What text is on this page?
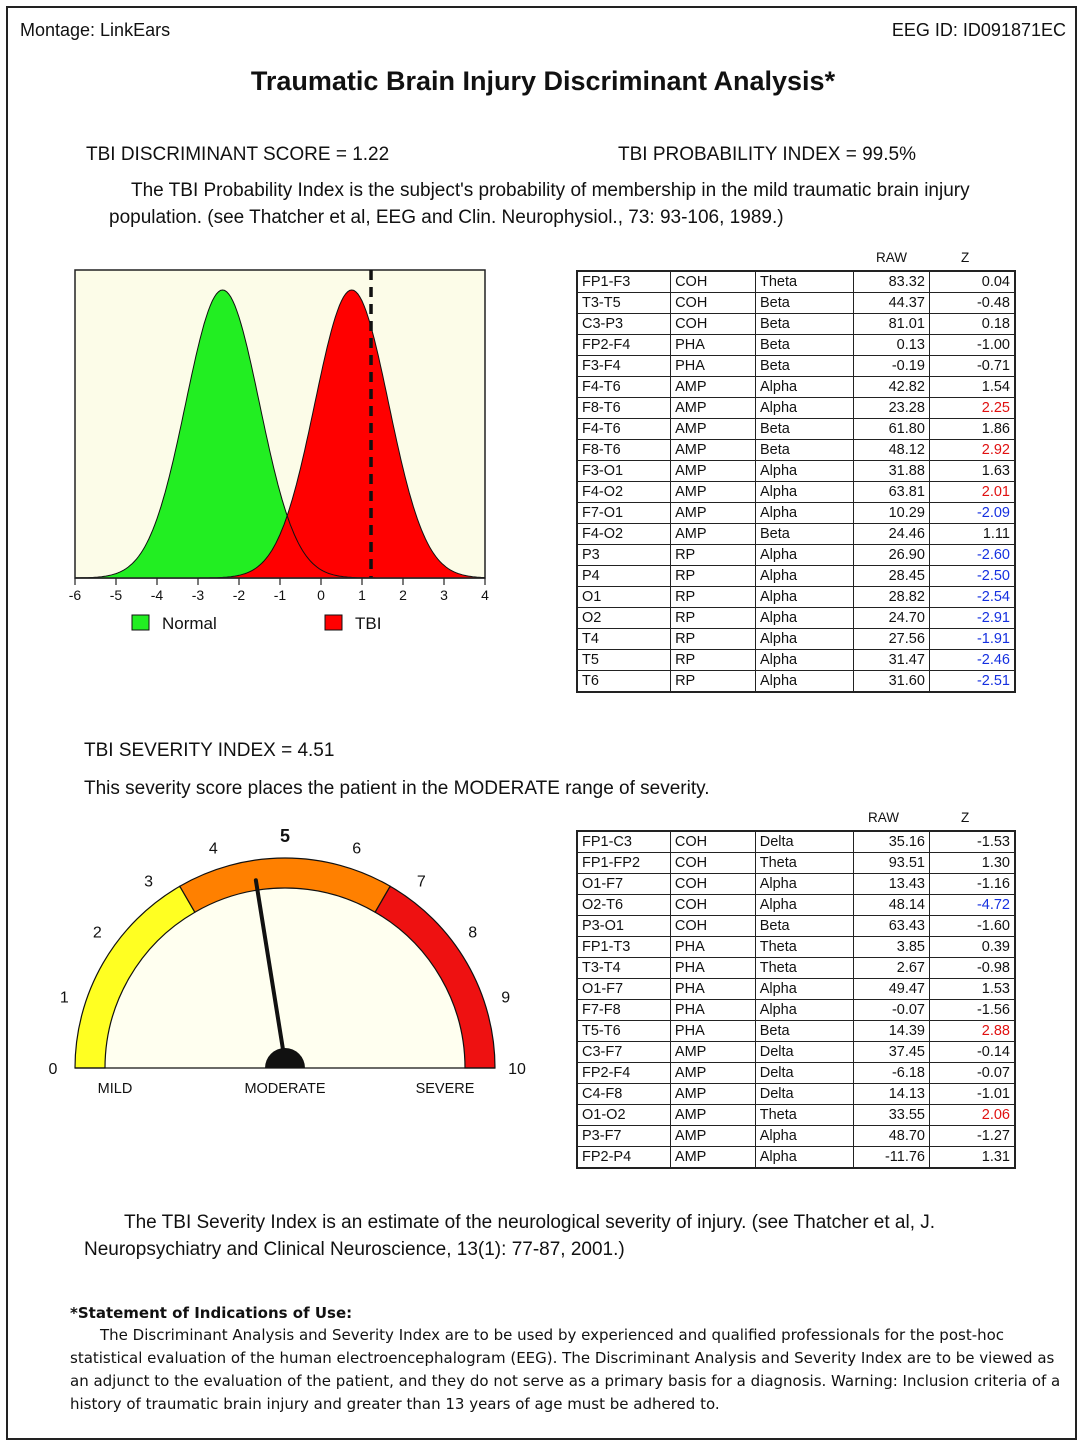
Montage: LinkEars	EEG ID: ID091871EC
Traumatic Brain Injury Discriminant Analysis*
TBI DISCRIMINANT SCORE = 1.22	TBI PROBABILITY INDEX = 99.5%
The TBI Probability Index is the subject's probability of membership in the mild traumatic brain injury
population. (see Thatcher et al, EEG and Clin. Neurophysiol., 73: 93-106, 1989.)
-6 -5 -4 -3 -2 -1 0 1 2 3 4
Normal	TBI
RAW	Z
FP1-F3	COH	Theta	83.32	0.04
T3-T5	COH	Beta	44.37	-0.48
C3-P3	COH	Beta	81.01	0.18
FP2-F4	PHA	Beta	0.13	-1.00
F3-F4	PHA	Beta	-0.19	-0.71
F4-T6	AMP	Alpha	42.82	1.54
F8-T6	AMP	Alpha	23.28	2.25
F4-T6	AMP	Beta	61.80	1.86
F8-T6	AMP	Beta	48.12	2.92
F3-O1	AMP	Alpha	31.88	1.63
F4-O2	AMP	Alpha	63.81	2.01
F7-O1	AMP	Alpha	10.29	-2.09
F4-O2	AMP	Beta	24.46	1.11
P3	RP	Alpha	26.90	-2.60
P4	RP	Alpha	28.45	-2.50
O1	RP	Alpha	28.82	-2.54
O2	RP	Alpha	24.70	-2.91
T4	RP	Alpha	27.56	-1.91
T5	RP	Alpha	31.47	-2.46
T6	RP	Alpha	31.60	-2.51
TBI SEVERITY INDEX = 4.51
This severity score places the patient in the MODERATE range of severity.
0
1
2
3
4
5
6
7
8
9
10
MILD	MODERATE	SEVERE
RAW	Z
FP1-C3	COH	Delta	35.16	-1.53
FP1-FP2	COH	Theta	93.51	1.30
O1-F7	COH	Alpha	13.43	-1.16
O2-T6	COH	Alpha	48.14	-4.72
P3-O1	COH	Beta	63.43	-1.60
FP1-T3	PHA	Theta	3.85	0.39
T3-T4	PHA	Theta	2.67	-0.98
O1-F7	PHA	Alpha	49.47	1.53
F7-F8	PHA	Alpha	-0.07	-1.56
T5-T6	PHA	Beta	14.39	2.88
C3-F7	AMP	Delta	37.45	-0.14
FP2-F4	AMP	Delta	-6.18	-0.07
C4-F8	AMP	Delta	14.13	-1.01
O1-O2	AMP	Theta	33.55	2.06
P3-F7	AMP	Alpha	48.70	-1.27
FP2-P4	AMP	Alpha	-11.76	1.31
The TBI Severity Index is an estimate of the neurological severity of injury. (see Thatcher et al, J.
Neuropsychiatry and Clinical Neuroscience, 13(1): 77-87, 2001.)
*Statement of Indications of Use:
The Discriminant Analysis and Severity Index are to be used by experienced and qualified professionals for the post-hoc
statistical evaluation of the human electroencephalogram (EEG). The Discriminant Analysis and Severity Index are to be viewed as
an adjunct to the evaluation of the patient, and they do not serve as a primary basis for a diagnosis. Warning: Inclusion criteria of a
history of traumatic brain injury and greater than 13 years of age must be adhered to.
